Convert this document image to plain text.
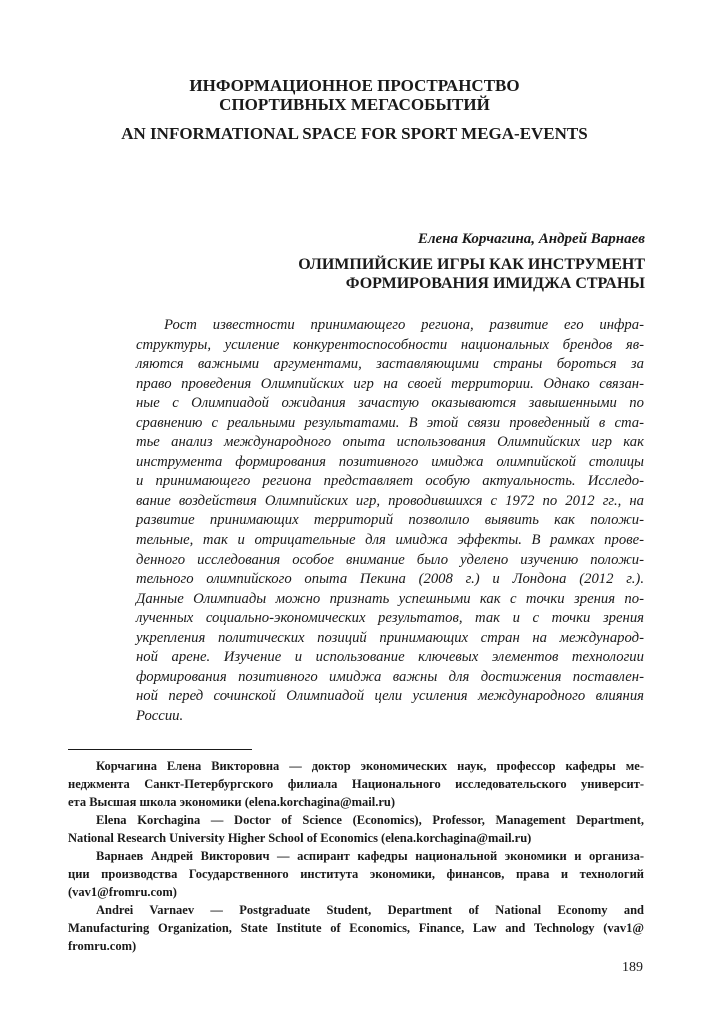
ИНФОРМАЦИОННОЕ ПРОСТРАНСТВО
СПОРТИВНЫХ МЕГАСОБЫТИЙ
AN INFORMATIONAL SPACE FOR SPORT MEGA-EVENTS
Елена Корчагина, Андрей Варнаев
ОЛИМПИЙСКИЕ ИГРЫ КАК ИНСТРУМЕНТ
ФОРМИРОВАНИЯ ИМИДЖА СТРАНЫ
Рост известности принимающего региона, развитие его инфра-
структуры, усиление конкурентоспособности национальных брендов яв-
ляются важными аргументами, заставляющими страны бороться за
право проведения Олимпийских игр на своей территории. Однако связан-
ные с Олимпиадой ожидания зачастую оказываются завышенными по
сравнению с реальными результатами. В этой связи проведенный в ста-
тье анализ международного опыта использования Олимпийских игр как
инструмента формирования позитивного имиджа олимпийской столицы
и принимающего региона представляет особую актуальность. Исследо-
вание воздействия Олимпийских игр, проводившихся с 1972 по 2012 гг., на
развитие принимающих территорий позволило выявить как положи-
тельные, так и отрицательные для имиджа эффекты. В рамках прове-
денного исследования особое внимание было уделено изучению положи-
тельного олимпийского опыта Пекина (2008 г.) и Лондона (2012 г.).
Данные Олимпиады можно признать успешными как с точки зрения по-
лученных социально-экономических результатов, так и с точки зрения
укрепления политических позиций принимающих стран на международ-
ной арене. Изучение и использование ключевых элементов технологии
формирования позитивного имиджа важны для достижения поставлен-
ной перед сочинской Олимпиадой цели усиления международного влияния
России.

Корчагина Елена Викторовна — доктор экономических наук, профессор кафедры ме-
неджмента Санкт-Петербургского филиала Национального исследовательского университ-
ета Высшая школа экономики (elena.korchagina@mail.ru)

Elena Korchagina — Doctor of Science (Economics), Professor, Management Department,
National Research University Higher School of Economics (elena.korchagina@mail.ru)

Варнаев Андрей Викторович — аспирант кафедры национальной экономики и организа-
ции производства Государственного института экономики, финансов, права и технологий
(vav1@fromru.com)

Andrei Varnaev — Postgraduate Student, Department of National Economy and
Manufacturing Organization, State Institute of Economics, Finance, Law and Technology (vav1@
fromru.com)

189
